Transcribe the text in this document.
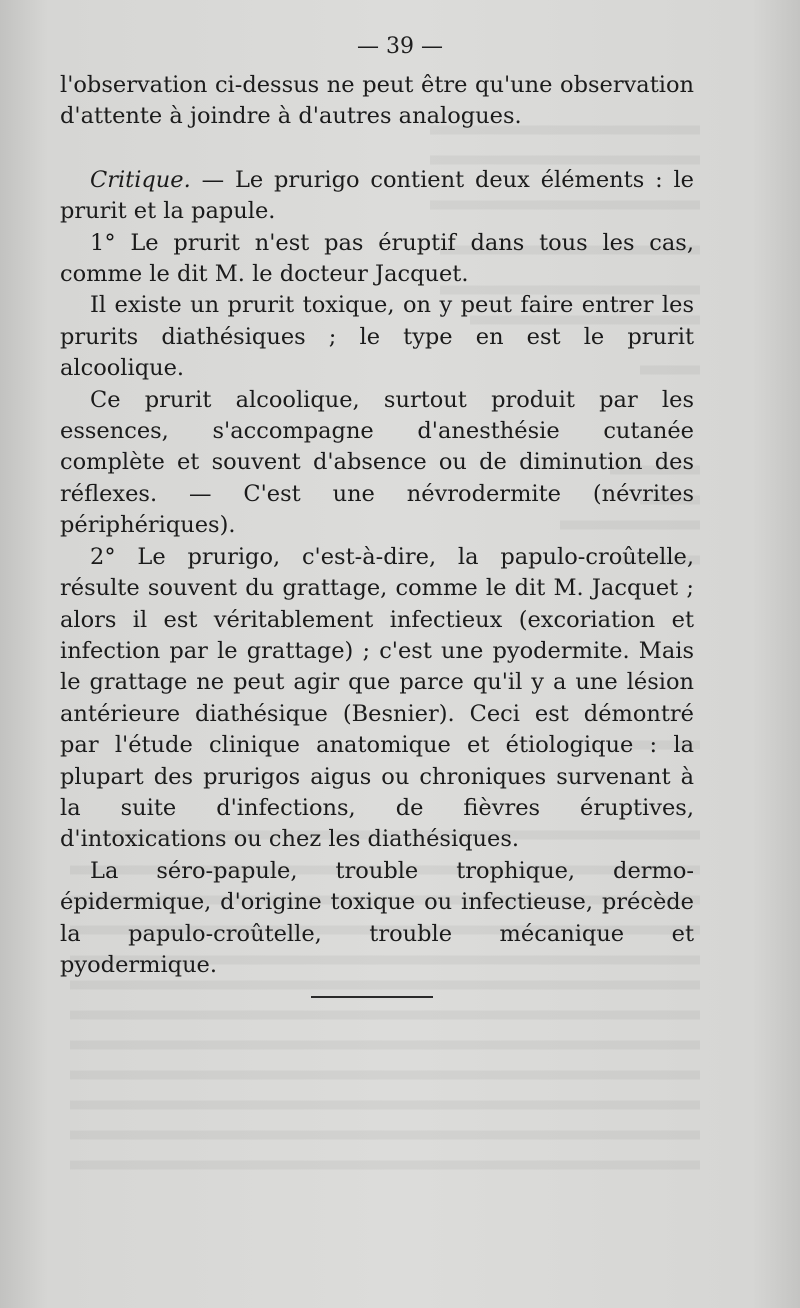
— 39 —

l'observation ci-dessus ne peut être qu'une observation d'attente à joindre à d'autres analogues.

Critique. — Le prurigo contient deux éléments : le prurit et la papule.

1° Le prurit n'est pas éruptif dans tous les cas, comme le dit M. le docteur Jacquet.

Il existe un prurit toxique, on y peut faire entrer les prurits diathésiques ; le type en est le prurit alcoolique.

Ce prurit alcoolique, surtout produit par les essences, s'accompagne d'anesthésie cutanée complète et souvent d'absence ou de diminution des réflexes. — C'est une névrodermite (névrites périphériques).

2° Le prurigo, c'est-à-dire, la papulo-croûtelle, résulte souvent du grattage, comme le dit M. Jacquet ; alors il est véritablement infectieux (excoriation et infection par le grattage) ; c'est une pyodermite. Mais le grattage ne peut agir que parce qu'il y a une lésion antérieure diathésique (Besnier). Ceci est démontré par l'étude clinique anatomique et étiologique : la plupart des prurigos aigus ou chroniques survenant à la suite d'infections, de fièvres éruptives, d'intoxications ou chez les diathésiques.

La séro-papule, trouble trophique, dermo-épidermique, d'origine toxique ou infectieuse, précède la papulo-croûtelle, trouble mécanique et pyodermique.
